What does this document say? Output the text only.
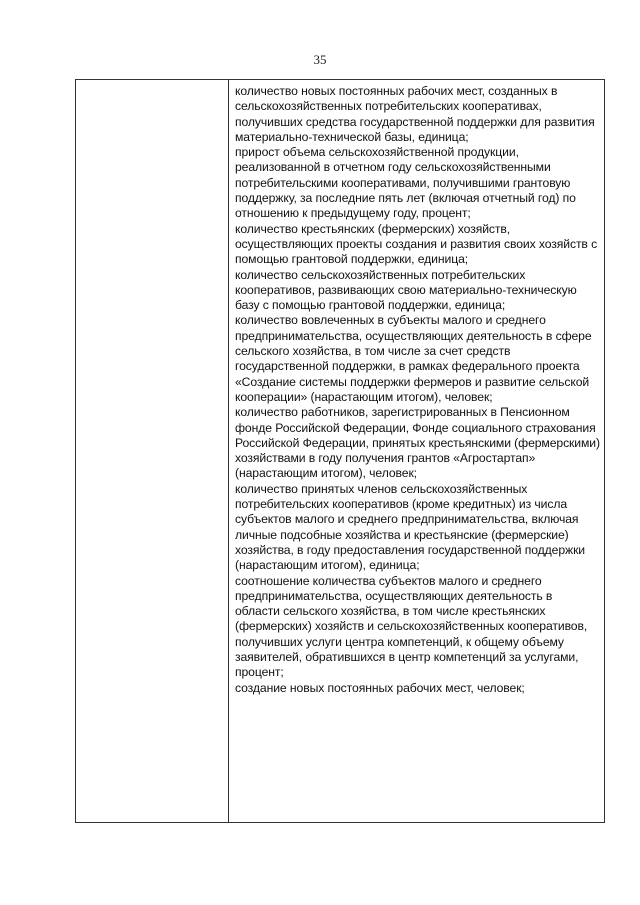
35

количество новых постоянных рабочих мест, созданных в сельскохозяйственных потребительских кооперативах, получивших средства государственной поддержки для развития материально-технической базы, единица;

прирост объема сельскохозяйственной продукции, реализованной в отчетном году сельскохозяйственными потребительскими кооперативами, получившими грантовую поддержку, за последние пять лет (включая отчетный год) по отношению к предыдущему году, процент;

количество крестьянских (фермерских) хозяйств, осуществляющих проекты создания и развития своих хозяйств с помощью грантовой поддержки, единица;

количество сельскохозяйственных потребительских кооперативов, развивающих свою материально-техническую базу с помощью грантовой поддержки, единица;

количество вовлеченных в субъекты малого и среднего предпринимательства, осуществляющих деятельность в сфере сельского хозяйства, в том числе за счет средств государственной поддержки, в рамках федерального проекта «Создание системы поддержки фермеров и развитие сельской кооперации» (нарастающим итогом), человек;

количество работников, зарегистрированных в Пенсионном фонде Российской Федерации, Фонде социального страхования Российской Федерации, принятых крестьянскими (фермерскими) хозяйствами в году получения грантов «Агростартап» (нарастающим итогом), человек;

количество принятых членов сельскохозяйственных потребительских кооперативов (кроме кредитных) из числа субъектов малого и среднего предпринимательства, включая личные подсобные хозяйства и крестьянские (фермерские) хозяйства, в году предоставления государственной поддержки (нарастающим итогом), единица;

соотношение количества субъектов малого и среднего предпринимательства, осуществляющих деятельность в области сельского хозяйства, в том числе крестьянских (фермерских) хозяйств и сельскохозяйственных кооперативов, получивших услуги центра компетенций, к общему объему заявителей, обратившихся в центр компетенций за услугами, процент;

создание новых постоянных рабочих мест, человек;
